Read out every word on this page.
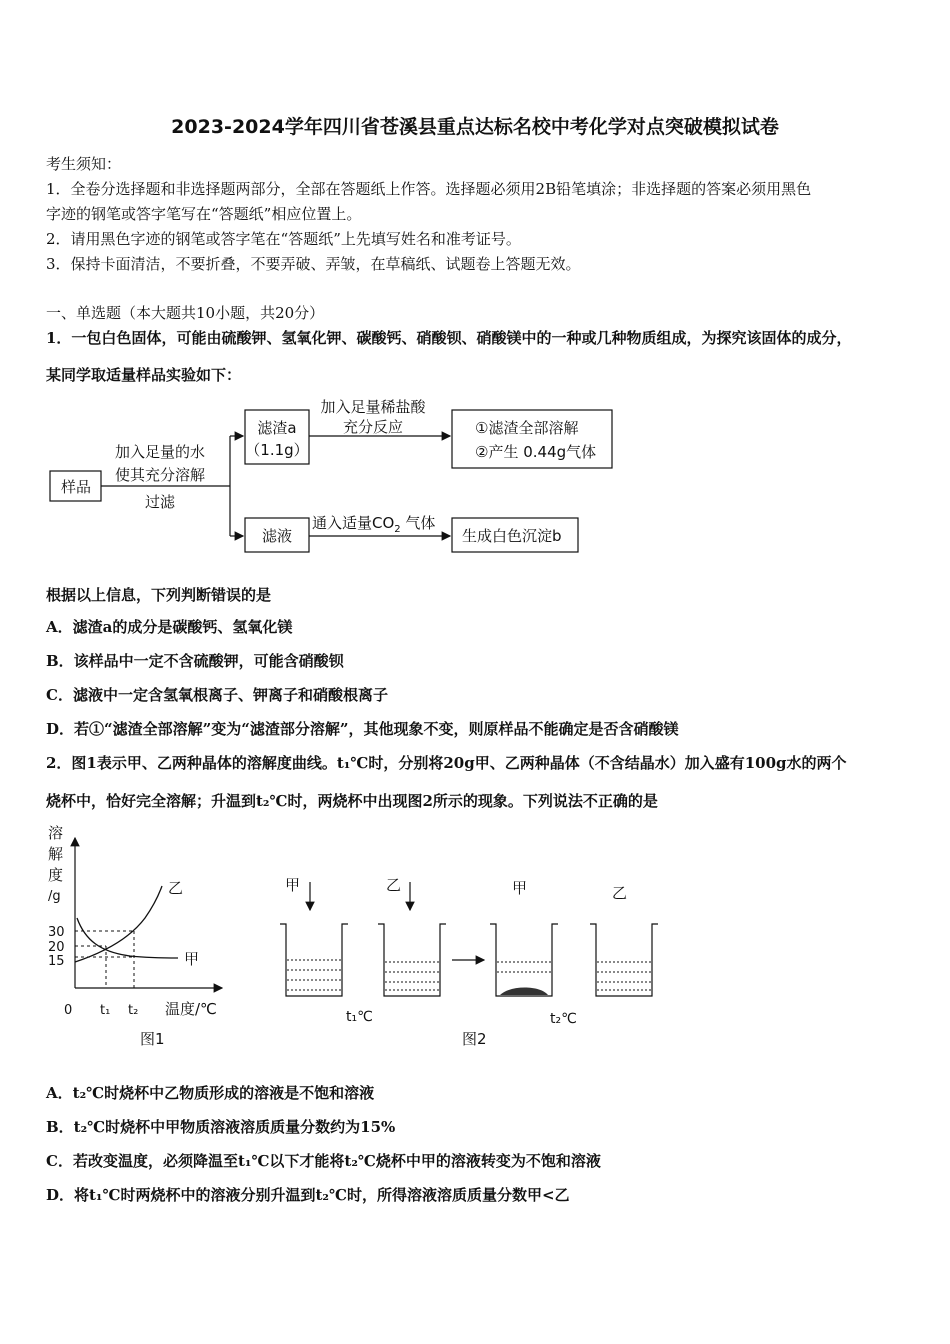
2023-2024学年四川省苍溪县重点达标名校中考化学对点突破模拟试卷
考生须知：
1．全卷分选择题和非选择题两部分，全部在答题纸上作答。选择题必须用2B铅笔填涂；非选择题的答案必须用黑色
字迹的钢笔或答字笔写在“答题纸”相应位置上。
2．请用黑色字迹的钢笔或答字笔在“答题纸”上先填写姓名和准考证号。
3．保持卡面清洁，不要折叠，不要弄破、弄皱，在草稿纸、试题卷上答题无效。
一、单选题（本大题共10小题，共20分）
1．一包白色固体，可能由硫酸钾、氢氧化钾、碳酸钙、硝酸钡、硝酸镁中的一种或几种物质组成，为探究该固体的成分，
某同学取适量样品实验如下：
样品
加入足量的水
使其充分溶解
过滤
滤渣a
（1.1g）
加入足量稀盐酸
充分反应	①滤渣全部溶解
②产生 0.44g气体
滤液
通入适量$CO_2$ 气体
生成白色沉淀b
溶
解
度
/g
30
20
15
0 t₁ t₂ 温度/℃
乙
甲
图1
甲	乙	甲	乙
t₁℃	t₂℃
图2
根据以上信息，下列判断错误的是
A．滤渣a的成分是碳酸钙、氢氧化镁
B．该样品中一定不含硫酸钾，可能含硝酸钡
C．滤液中一定含氢氧根离子、钾离子和硝酸根离子
D．若①“滤渣全部溶解”变为“滤渣部分溶解”，其他现象不变，则原样品不能确定是否含硝酸镁
2．图1表示甲、乙两种晶体的溶解度曲线。t₁℃时，分别将20g甲、乙两种晶体（不含结晶水）加入盛有100g水的两个
烧杯中，恰好完全溶解；升温到t₂℃时，两烧杯中出现图2所示的现象。下列说法不正确的是
A．t₂℃时烧杯中乙物质形成的溶液是不饱和溶液
B．t₂℃时烧杯中甲物质溶液溶质质量分数约为15%
C．若改变温度，必须降温至t₁℃以下才能将t₂℃烧杯中甲的溶液转变为不饱和溶液
D．将t₁℃时两烧杯中的溶液分别升温到t₂℃时，所得溶液溶质质量分数甲<乙
